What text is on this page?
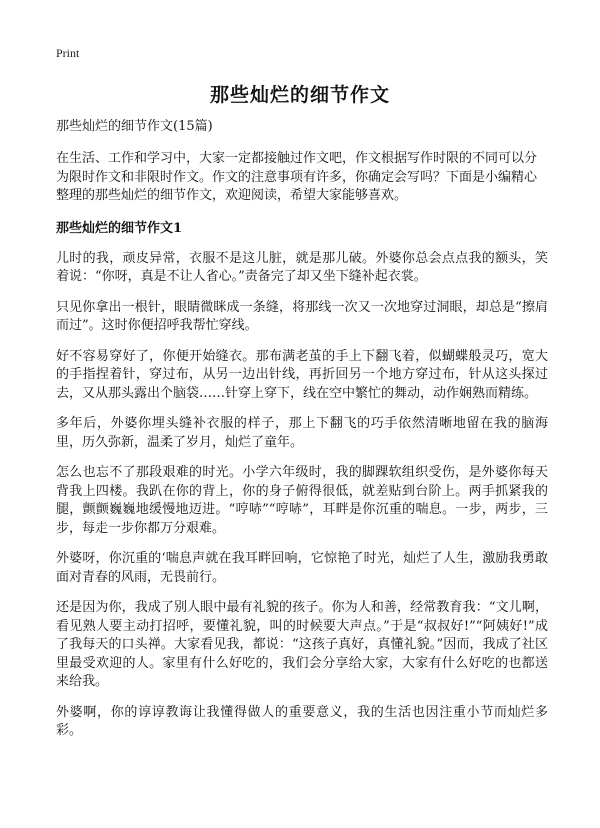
Print
那些灿烂的细节作文

那些灿烂的细节作文(15篇)

在生活、工作和学习中，大家一定都接触过作文吧，作文根据写作时限的不同可以分为限时作文和非限时作文。作文的注意事项有许多，你确定会写吗？下面是小编精心整理的那些灿烂的细节作文，欢迎阅读，希望大家能够喜欢。

那些灿烂的细节作文1

儿时的我，顽皮异常，衣服不是这儿脏，就是那儿破。外婆你总会点点我的额头，笑着说：“你呀，真是不让人省心。”责备完了却又坐下缝补起衣裳。

只见你拿出一根针，眼睛微眯成一条缝，将那线一次又一次地穿过洞眼，却总是“擦肩而过”。这时你便招呼我帮忙穿线。

好不容易穿好了，你便开始缝衣。那布满老茧的手上下翻飞着，似蝴蝶般灵巧，宽大的手指捏着针，穿过布，从另一边出针线，再折回另一个地方穿过布，针从这头探过去，又从那头露出个脑袋……针穿上穿下，线在空中繁忙的舞动，动作娴熟而精练。

多年后，外婆你埋头缝补衣服的样子，那上下翻飞的巧手依然清晰地留在我的脑海里，历久弥新，温柔了岁月，灿烂了童年。

怎么也忘不了那段艰难的时光。小学六年级时，我的脚踝软组织受伤，是外婆你每天背我上四楼。我趴在你的背上，你的身子俯得很低，就差贴到台阶上。两手抓紧我的腿，颤颤巍巍地缓慢地迈进。“哼哧”“哼哧”，耳畔是你沉重的喘息。一步，两步，三步，每走一步你都万分艰难。

外婆呀，你沉重的‘喘息声就在我耳畔回响，它惊艳了时光，灿烂了人生，激励我勇敢面对青春的风雨，无畏前行。

还是因为你，我成了别人眼中最有礼貌的孩子。你为人和善，经常教育我：“文儿啊，看见熟人要主动打招呼，要懂礼貌，叫的时候要大声点。”于是“叔叔好!”“阿姨好!”成了我每天的口头禅。大家看见我，都说：“这孩子真好，真懂礼貌。”因而，我成了社区里最受欢迎的人。家里有什么好吃的，我们会分享给大家，大家有什么好吃的也都送来给我。

外婆啊，你的谆谆教诲让我懂得做人的重要意义，我的生活也因注重小节而灿烂多彩。
